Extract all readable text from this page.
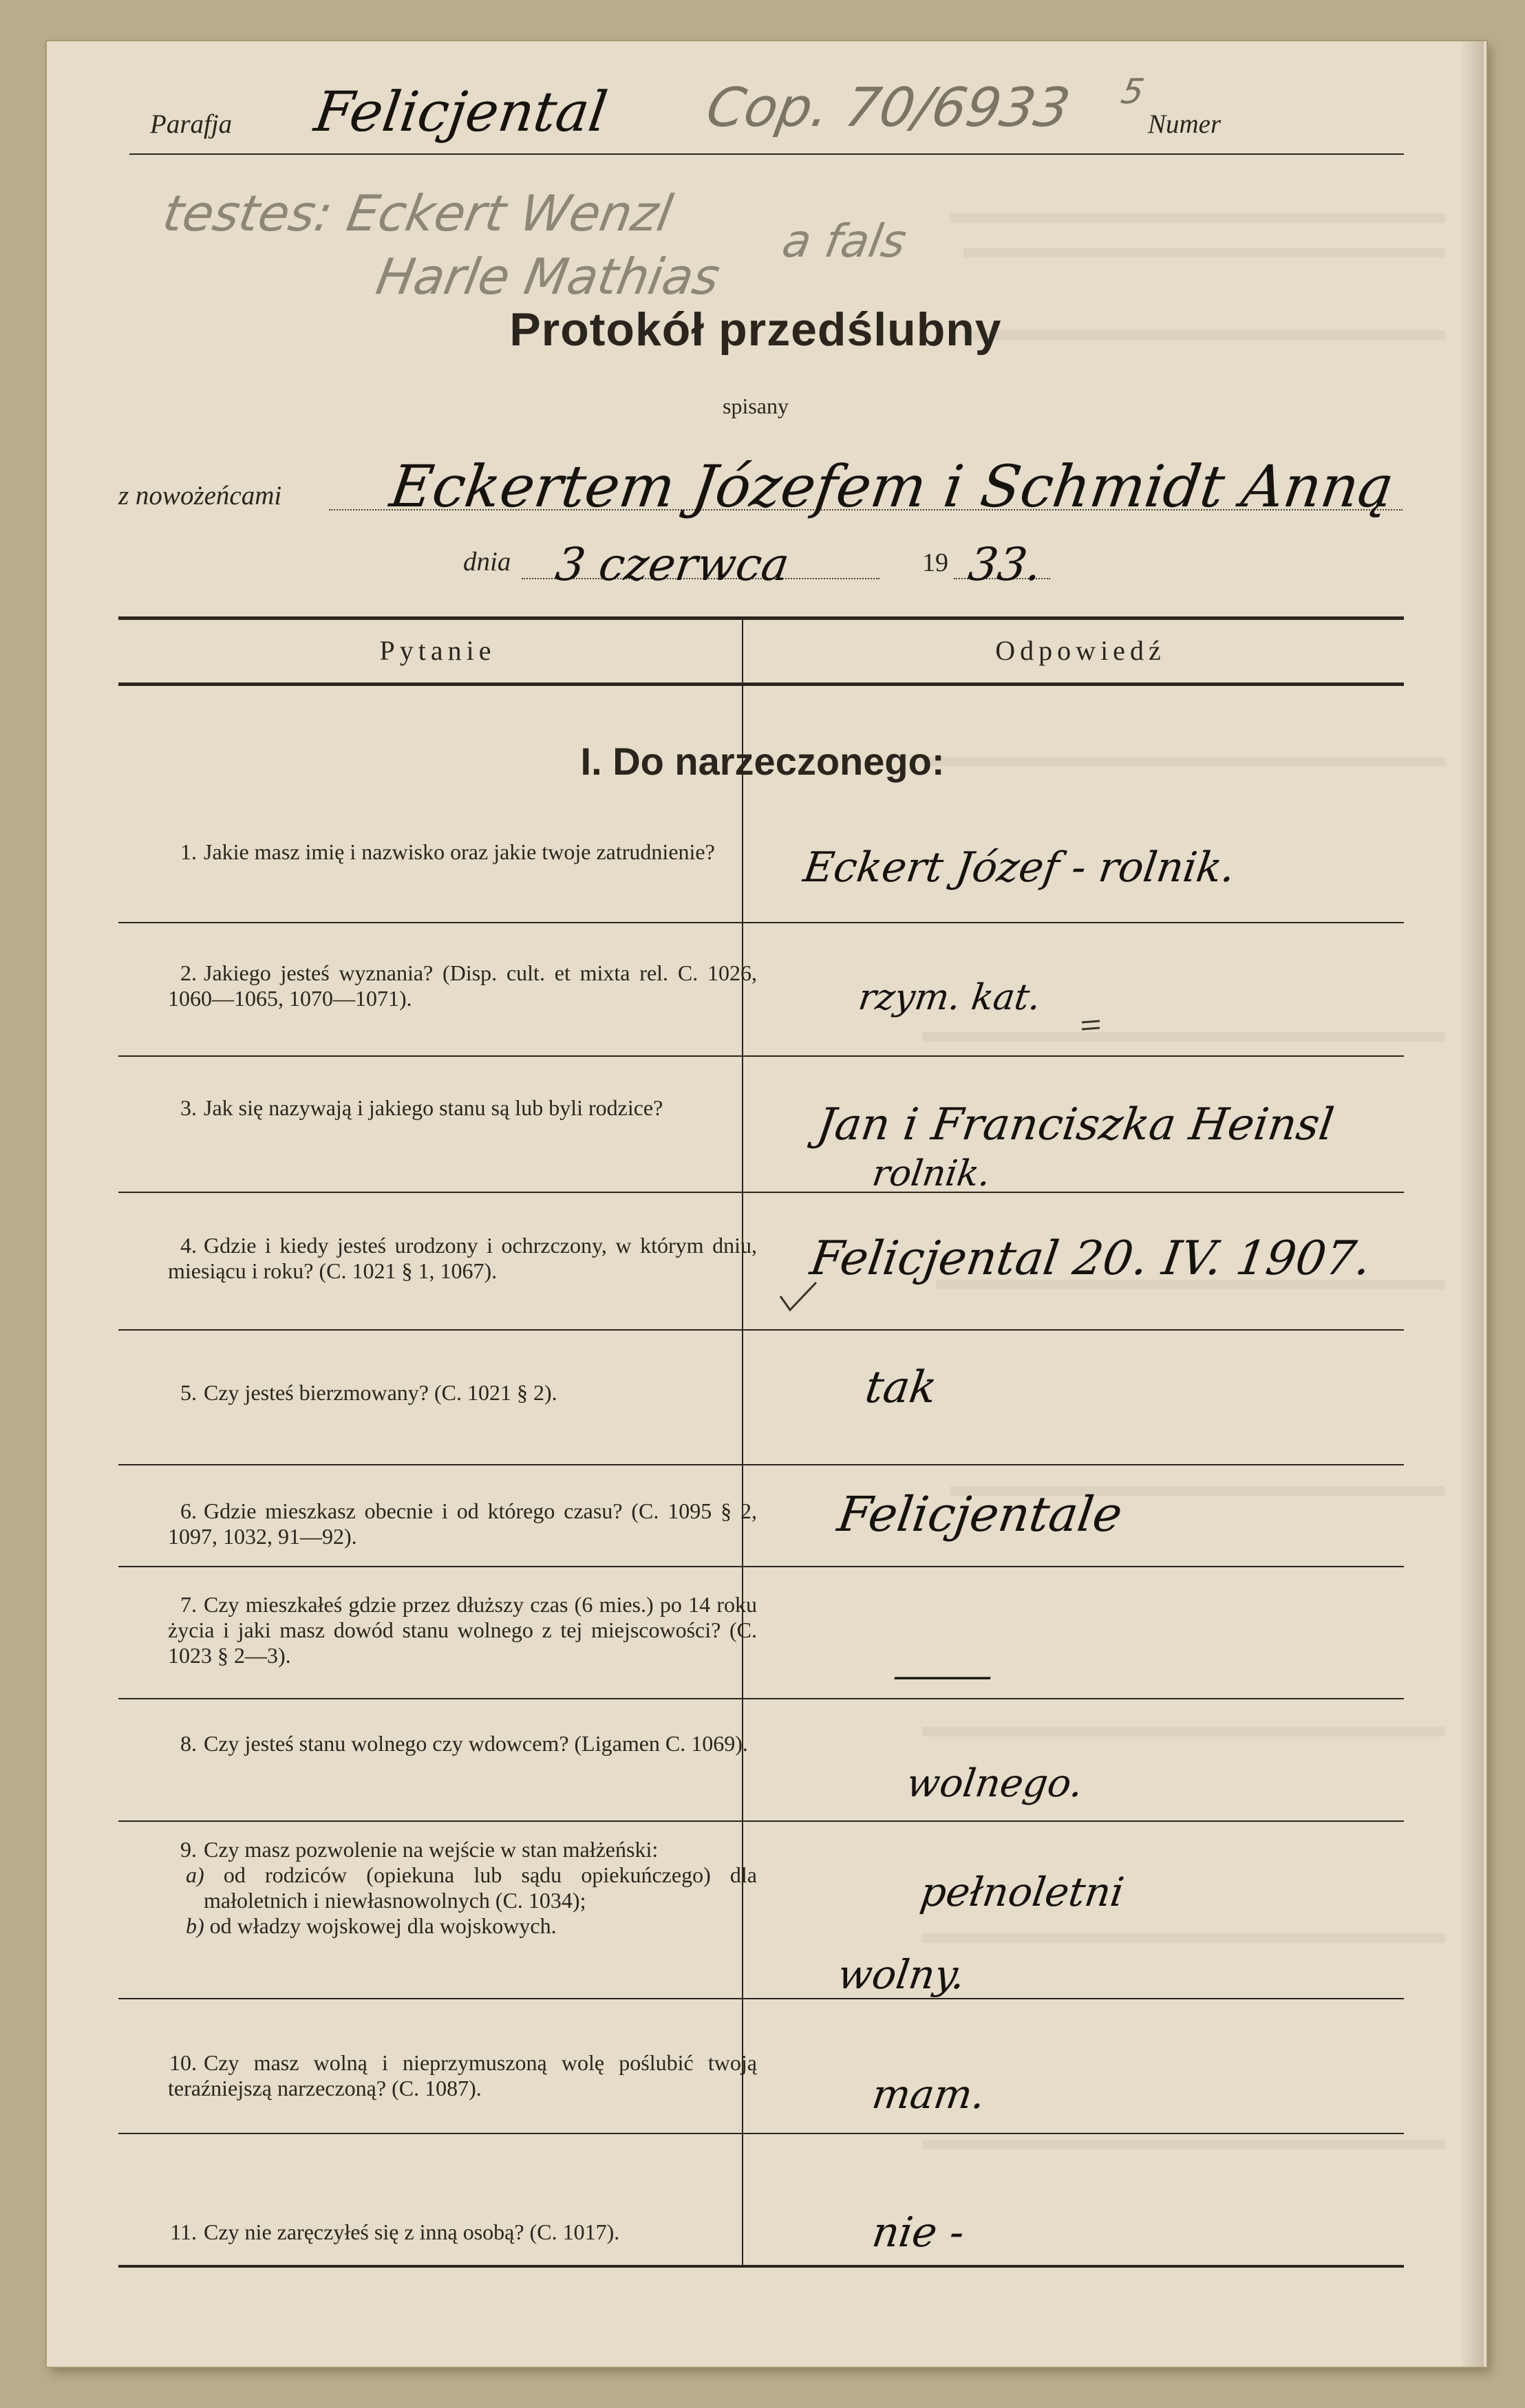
Parafja Felicjental Cop. 70/6933 5
Numer
testes: Eckert Wenzl
Harle Mathias
a fals
Protokół przedślubny
spisany
z nowożeńcami Eckertem Józefem i Schmidt Anną
dnia 3 czerwca	19 33.
Pytanie	Odpowiedź
I. Do narzeczonego:
1. Jakie masz imię i nazwisko oraz jakie twoje zatrudnienie?
2. Jakiego jesteś wyznania? (Disp. cult. et mixta rel. C. 1026, 1060—1065, 1070—1071).
3. Jak się nazywają i jakiego stanu są lub byli rodzice?
4. Gdzie i kiedy jesteś urodzony i ochrzczony, w którym dniu, miesiącu i roku? (C. 1021 § 1, 1067).
5. Czy jesteś bierzmowany? (C. 1021 § 2).
6. Gdzie mieszkasz obecnie i od którego czasu? (C. 1095 § 2, 1097, 1032, 91—92).
7. Czy mieszkałeś gdzie przez dłuższy czas (6 mies.) po 14 roku życia i jaki masz dowód stanu wolnego z tej miejscowości? (C. 1023 § 2—3).
8. Czy jesteś stanu wolnego czy wdowcem? (Ligamen C. 1069).
9. Czy masz pozwolenie na wejście w stan małżeński:
a) od rodziców (opiekuna lub sądu opiekuńczego) dla małoletnich i niewłasnowolnych (C. 1034);
b) od władzy wojskowej dla wojskowych.
10. Czy masz wolną i nieprzymuszoną wolę poślubić twoją teraźniejszą narzeczoną? (C. 1087).
11. Czy nie zaręczyłeś się z inną osobą? (C. 1017).
Eckert Józef - rolnik.
rzym. kat.
Jan i Franciszka Heinsl
rolnik.
Felicjental 20. IV. 1907.
tak
Felicjentale
———
wolnego.
pełnoletni
wolny.
mam.
nie -
